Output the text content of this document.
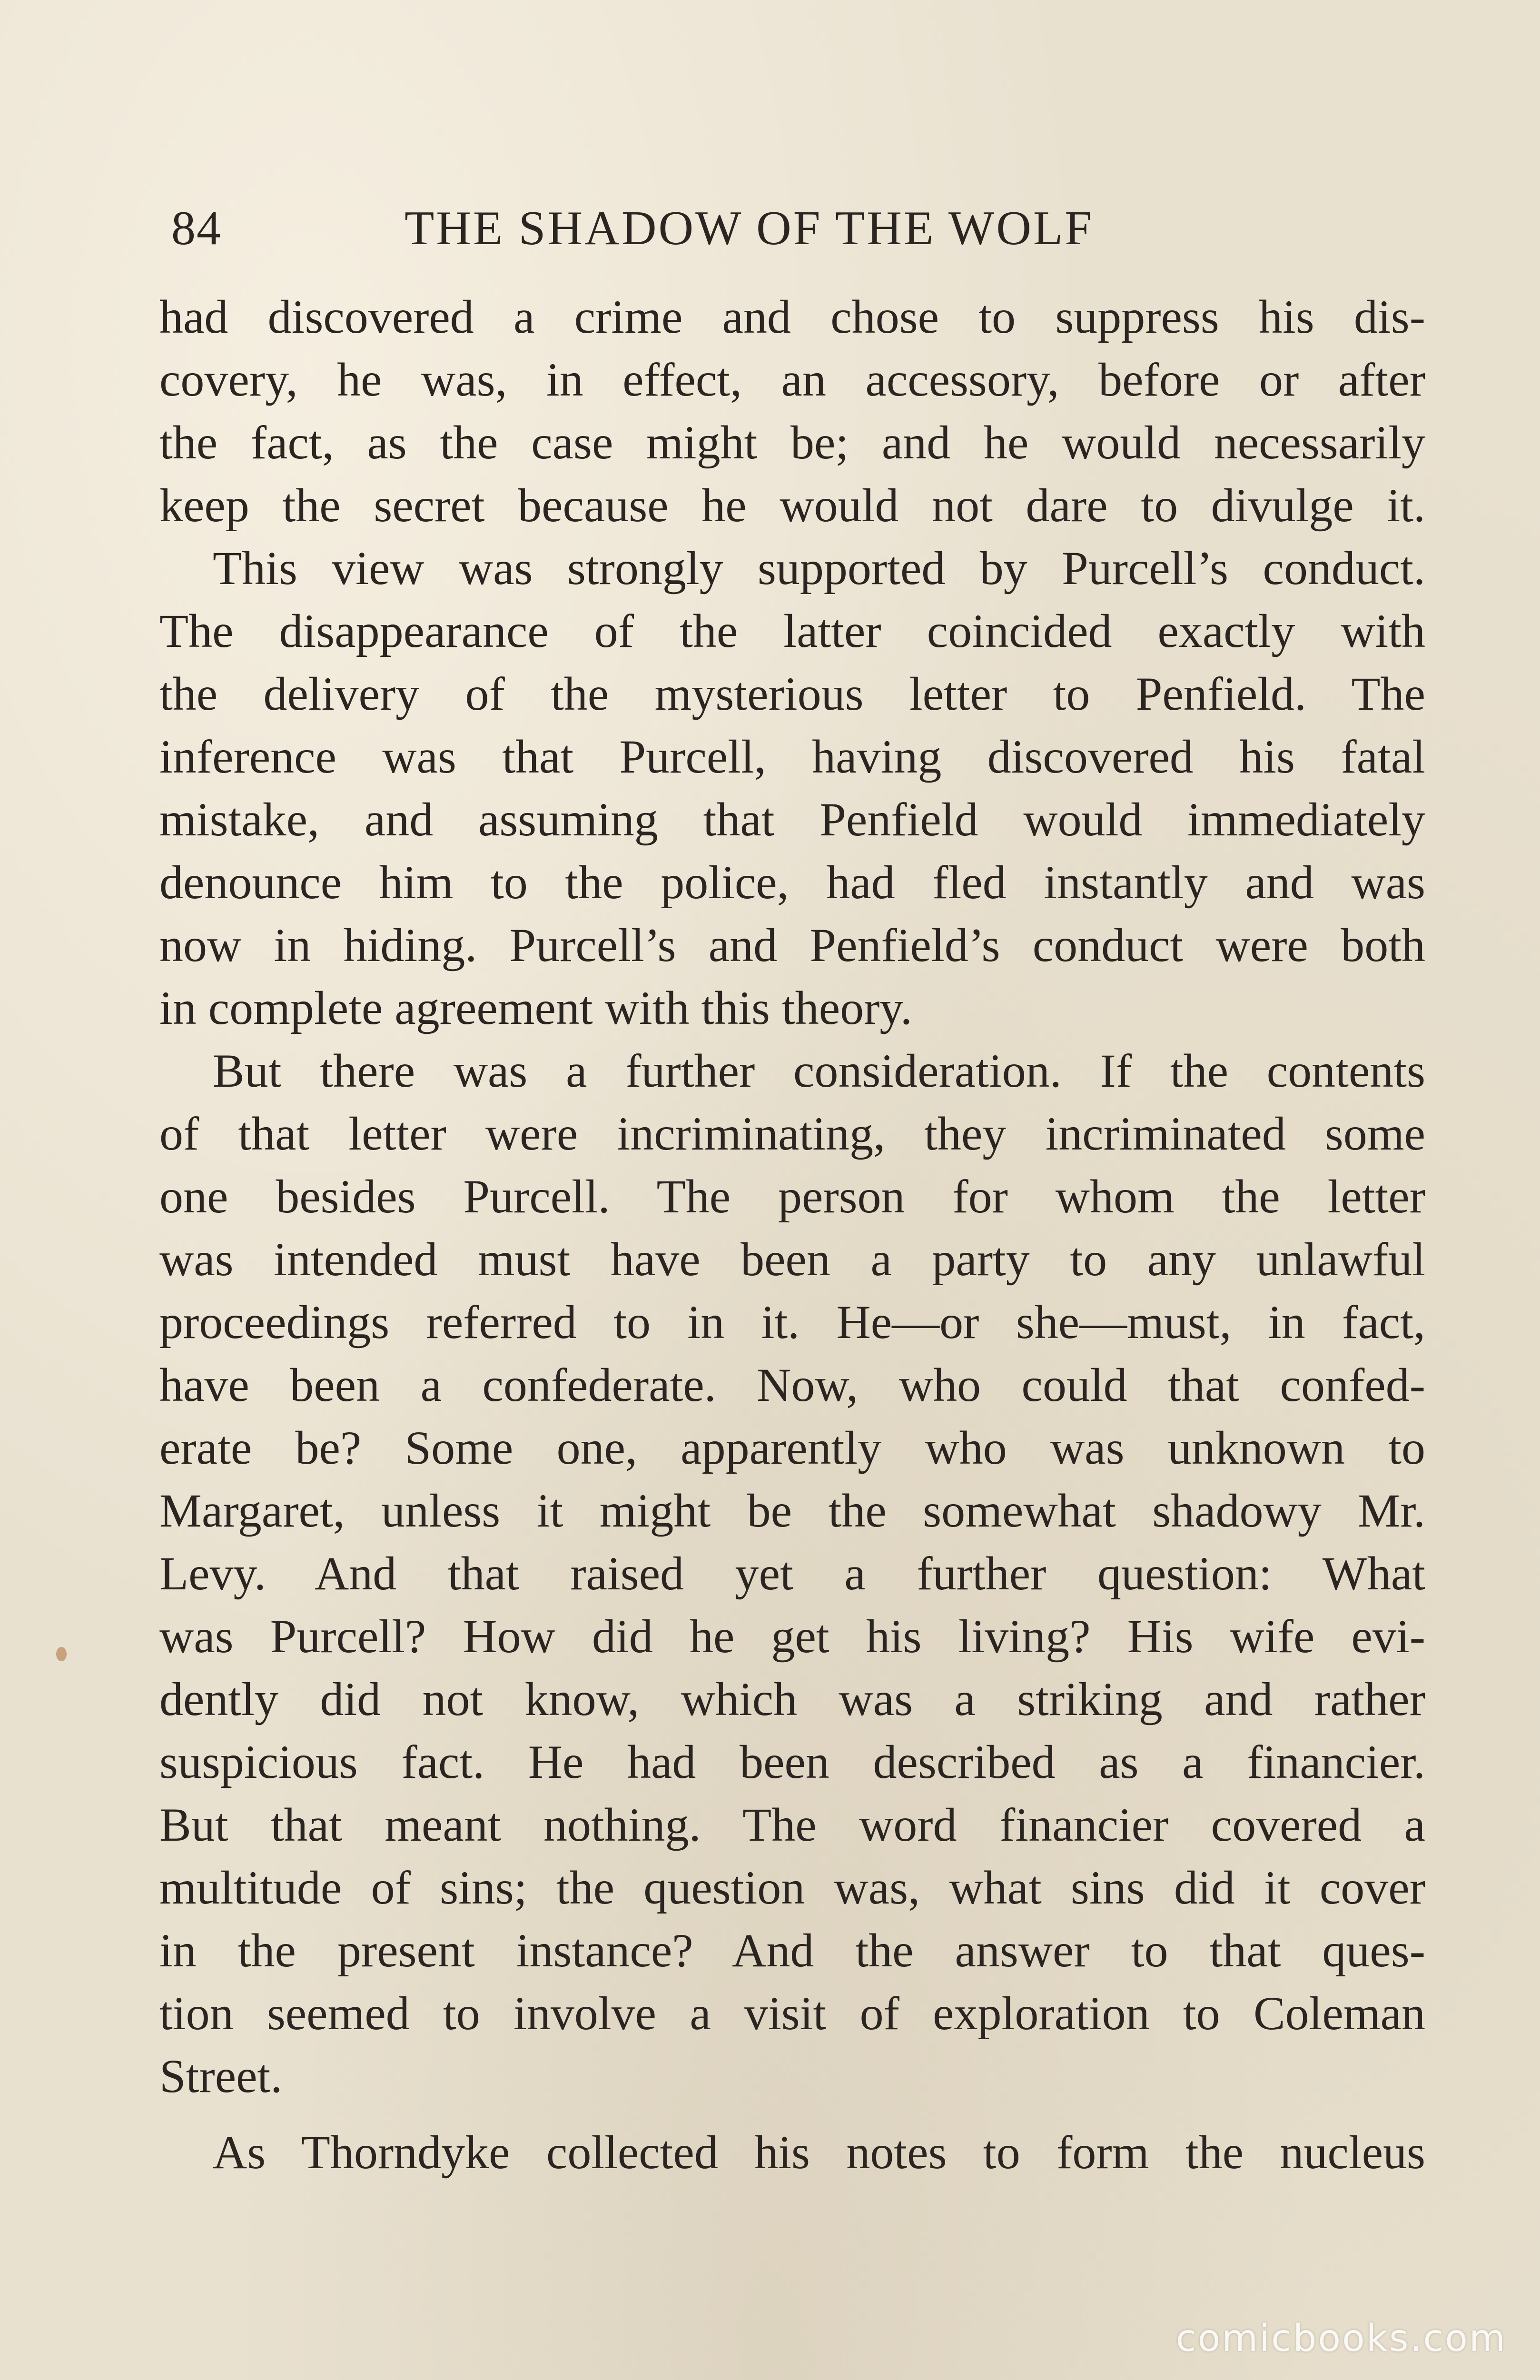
84	THE SHADOW OF THE WOLF
had discovered a crime and chose to suppress his dis-
covery, he was, in effect, an accessory, before or after
the fact, as the case might be; and he would necessarily
keep the secret because he would not dare to divulge it.
This view was strongly supported by Purcell’s conduct.
The disappearance of the latter coincided exactly with
the delivery of the mysterious letter to Penfield. The
inference was that Purcell, having discovered his fatal
mistake, and assuming that Penfield would immediately
denounce him to the police, had fled instantly and was
now in hiding. Purcell’s and Penfield’s conduct were both
in complete agreement with this theory.
But there was a further consideration. If the contents
of that letter were incriminating, they incriminated some
one besides Purcell. The person for whom the letter
was intended must have been a party to any unlawful
proceedings referred to in it. He—or she—must, in fact,
have been a confederate. Now, who could that confed-
erate be? Some one, apparently who was unknown to
Margaret, unless it might be the somewhat shadowy Mr.
Levy. And that raised yet a further question: What
was Purcell? How did he get his living? His wife evi-
dently did not know, which was a striking and rather
suspicious fact. He had been described as a financier.
But that meant nothing. The word financier covered a
multitude of sins; the question was, what sins did it cover
in the present instance? And the answer to that ques-
tion seemed to involve a visit of exploration to Coleman
Street.
As Thorndyke collected his notes to form the nucleus
comicbooks.com
